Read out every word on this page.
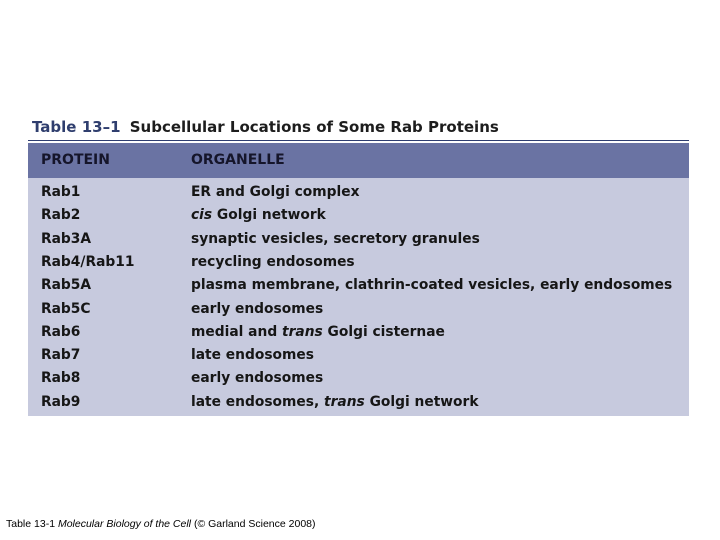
Table 13–1 Subcellular Locations of Some Rab Proteins
PROTEIN	ORGANELLE
Rab1	ER and Golgi complex
Rab2	cis Golgi network
Rab3A	synaptic vesicles, secretory granules
Rab4/Rab11	recycling endosomes
Rab5A	plasma membrane, clathrin-coated vesicles, early endosomes
Rab5C	early endosomes
Rab6	medial and trans Golgi cisternae
Rab7	late endosomes
Rab8	early endosomes
Rab9	late endosomes, trans Golgi network
Table 13-1 Molecular Biology of the Cell (© Garland Science 2008)
